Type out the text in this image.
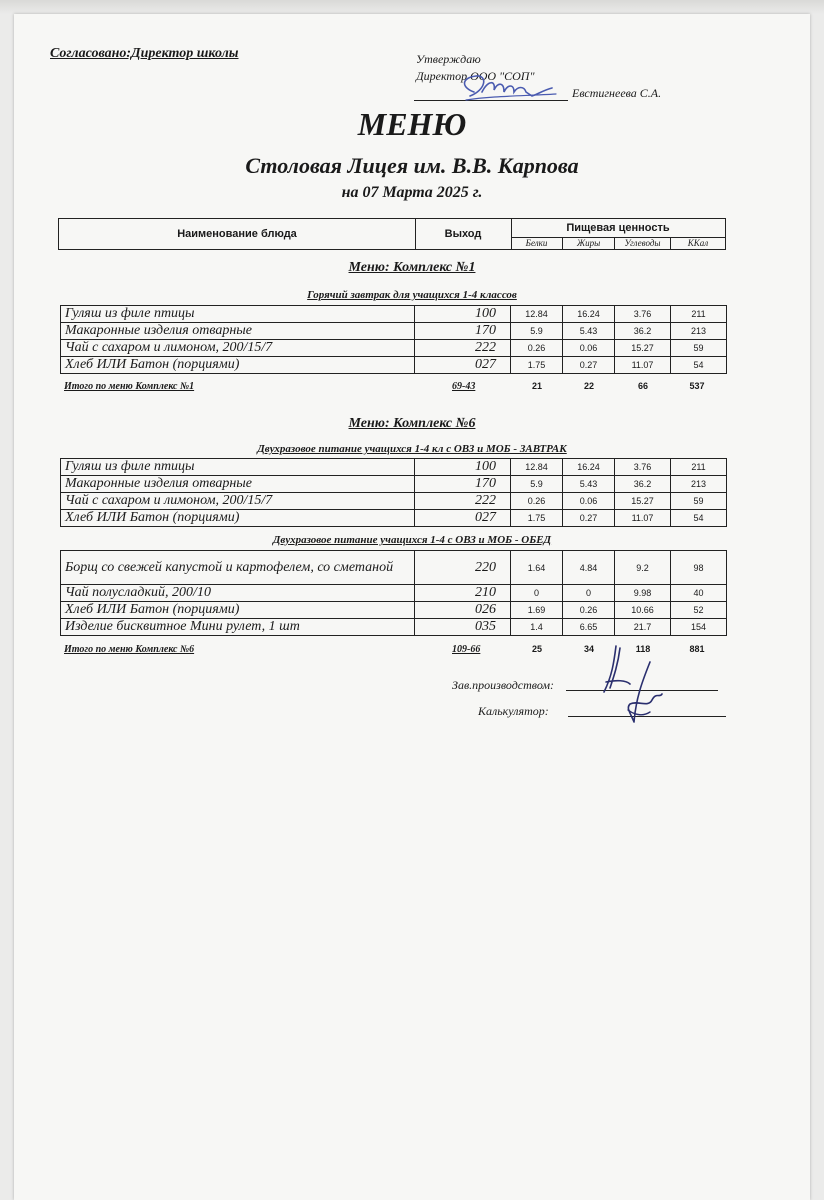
Согласовано:Директор школы	Утверждаю
Директор ООО "СОП"
Евстигнеева С.А.
МЕНЮ
Столовая Лицея им. В.В. Карпова
на 07 Марта 2025 г.
Наименование блюда	Выход	Пищевая ценность
Белки	Жиры	Углеводы	ККал
Меню: Комплекс №1
Горячий завтрак для учащихся 1-4 классов
Гуляш из филе птицы	100	12.84	16.24	3.76	211
Макаронные изделия отварные	170	5.9	5.43	36.2	213
Чай с сахаром и лимоном, 200/15/7	222	0.26	0.06	15.27	59
Хлеб ИЛИ Батон (порциями)	027	1.75	0.27	11.07	54
Итого по меню Комплекс №1	69-43	21	22	66	537
Меню: Комплекс №6
Двухразовое питание учащихся 1-4 кл с ОВЗ и МОБ - ЗАВТРАК
Гуляш из филе птицы	100	12.84	16.24	3.76	211
Макаронные изделия отварные	170	5.9	5.43	36.2	213
Чай с сахаром и лимоном, 200/15/7	222	0.26	0.06	15.27	59
Хлеб ИЛИ Батон (порциями)	027	1.75	0.27	11.07	54
Двухразовое питание учащихся 1-4 с ОВЗ и МОБ - ОБЕД
Борщ со свежей капустой и картофелем, со сметаной	220	1.64	4.84	9.2	98
Чай полусладкий, 200/10	210	0	0	9.98	40
Хлеб ИЛИ Батон (порциями)	026	1.69	0.26	10.66	52
Изделие бисквитное Мини рулет, 1 шт	035	1.4	6.65	21.7	154
Итого по меню Комплекс №6	109-66	25	34	118	881
Зав.производством:
Калькулятор:
